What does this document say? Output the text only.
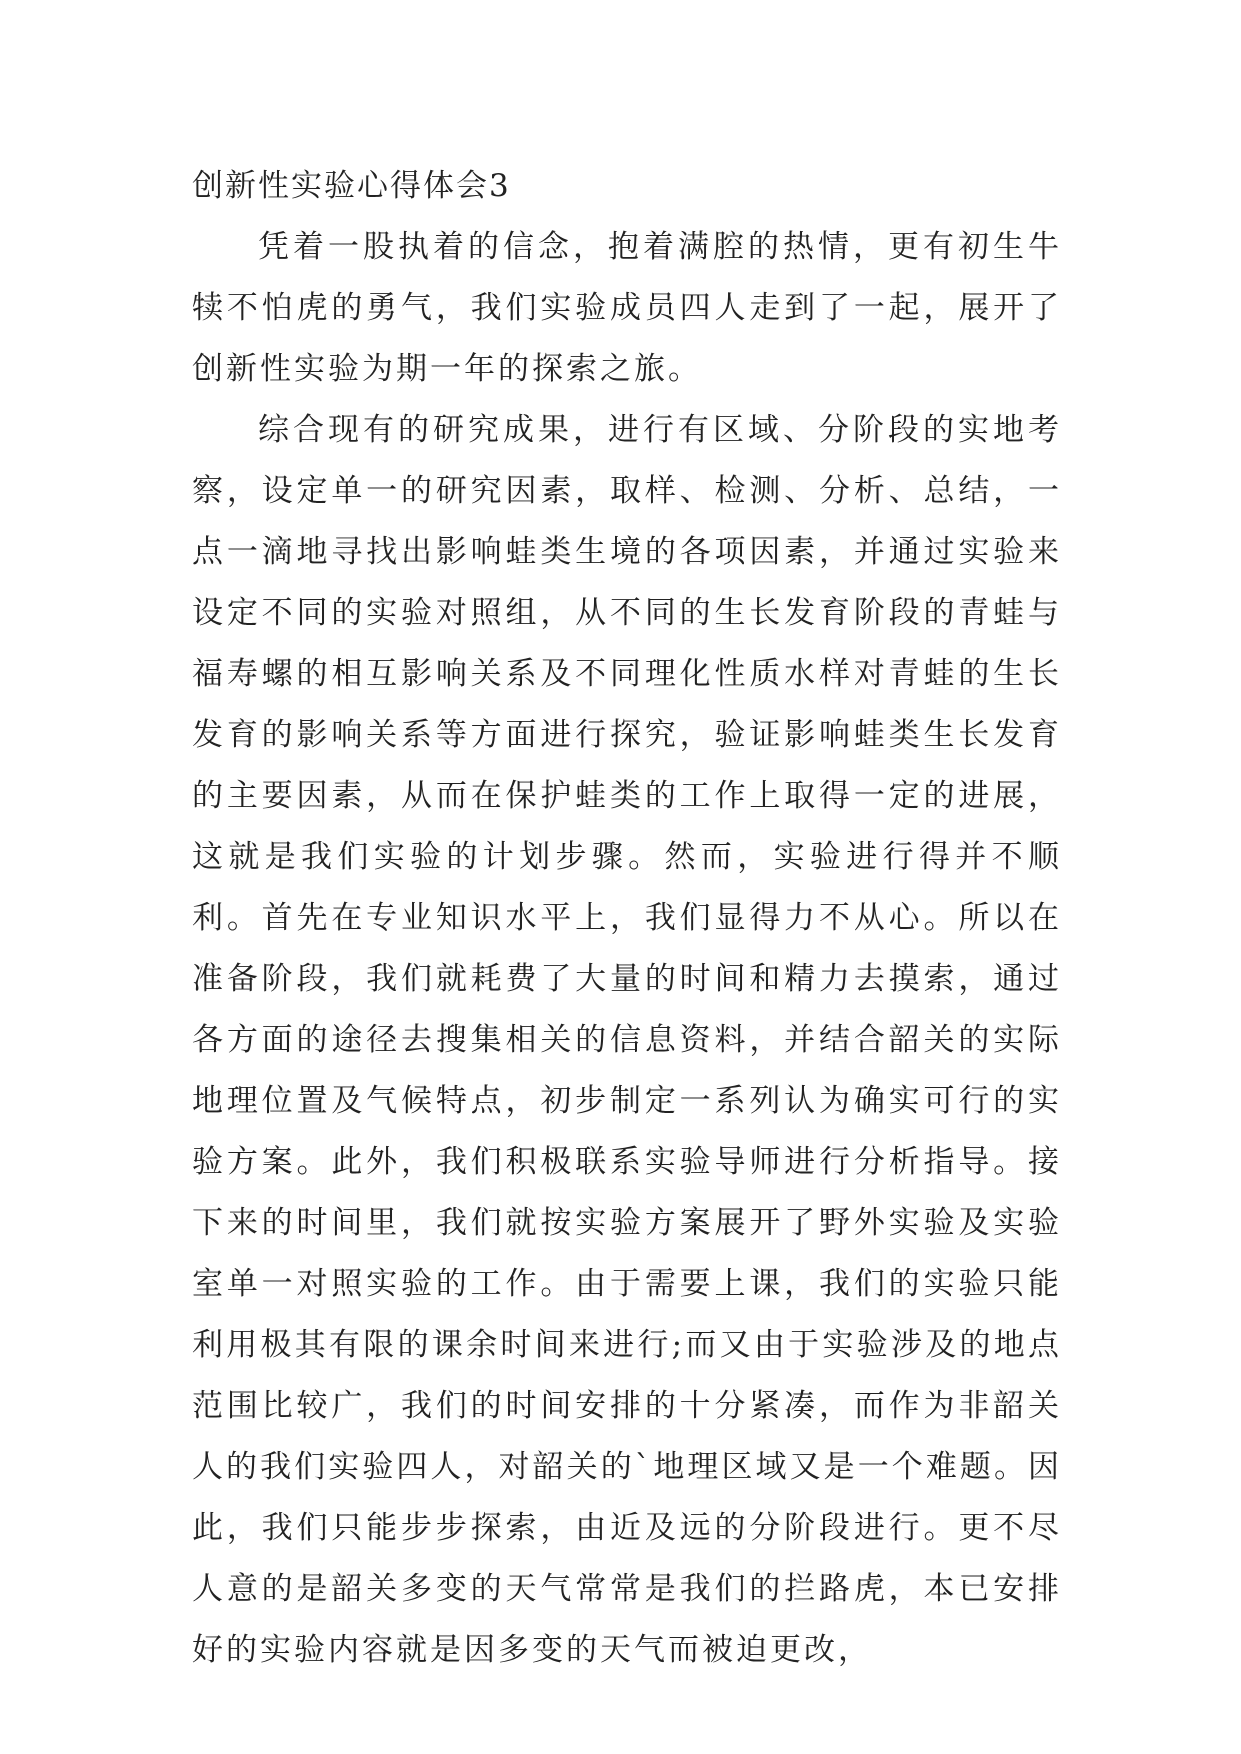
创新性实验心得体会3

凭着一股执着的信念，抱着满腔的热情，更有初生牛犊不怕虎的勇气，我们实验成员四人走到了一起，展开了创新性实验为期一年的探索之旅。

综合现有的研究成果，进行有区域、分阶段的实地考察，设定单一的研究因素，取样、检测、分析、总结，一点一滴地寻找出影响蛙类生境的各项因素，并通过实验来设定不同的实验对照组，从不同的生长发育阶段的青蛙与福寿螺的相互影响关系及不同理化性质水样对青蛙的生长发育的影响关系等方面进行探究，验证影响蛙类生长发育的主要因素，从而在保护蛙类的工作上取得一定的进展，这就是我们实验的计划步骤。然而，实验进行得并不顺利。首先在专业知识水平上，我们显得力不从心。所以在准备阶段，我们就耗费了大量的时间和精力去摸索，通过各方面的途径去搜集相关的信息资料，并结合韶关的实际地理位置及气候特点，初步制定一系列认为确实可行的实验方案。此外，我们积极联系实验导师进行分析指导。接下来的时间里，我们就按实验方案展开了野外实验及实验室单一对照实验的工作。由于需要上课，我们的实验只能利用极其有限的课余时间来进行;而又由于实验涉及的地点范围比较广，我们的时间安排的十分紧凑，而作为非韶关人的我们实验四人，对韶关的`地理区域又是一个难题。因此，我们只能步步探索，由近及远的分阶段进行。更不尽人意的是韶关多变的天气常常是我们的拦路虎，本已安排好的实验内容就是因多变的天气而被迫更改，
